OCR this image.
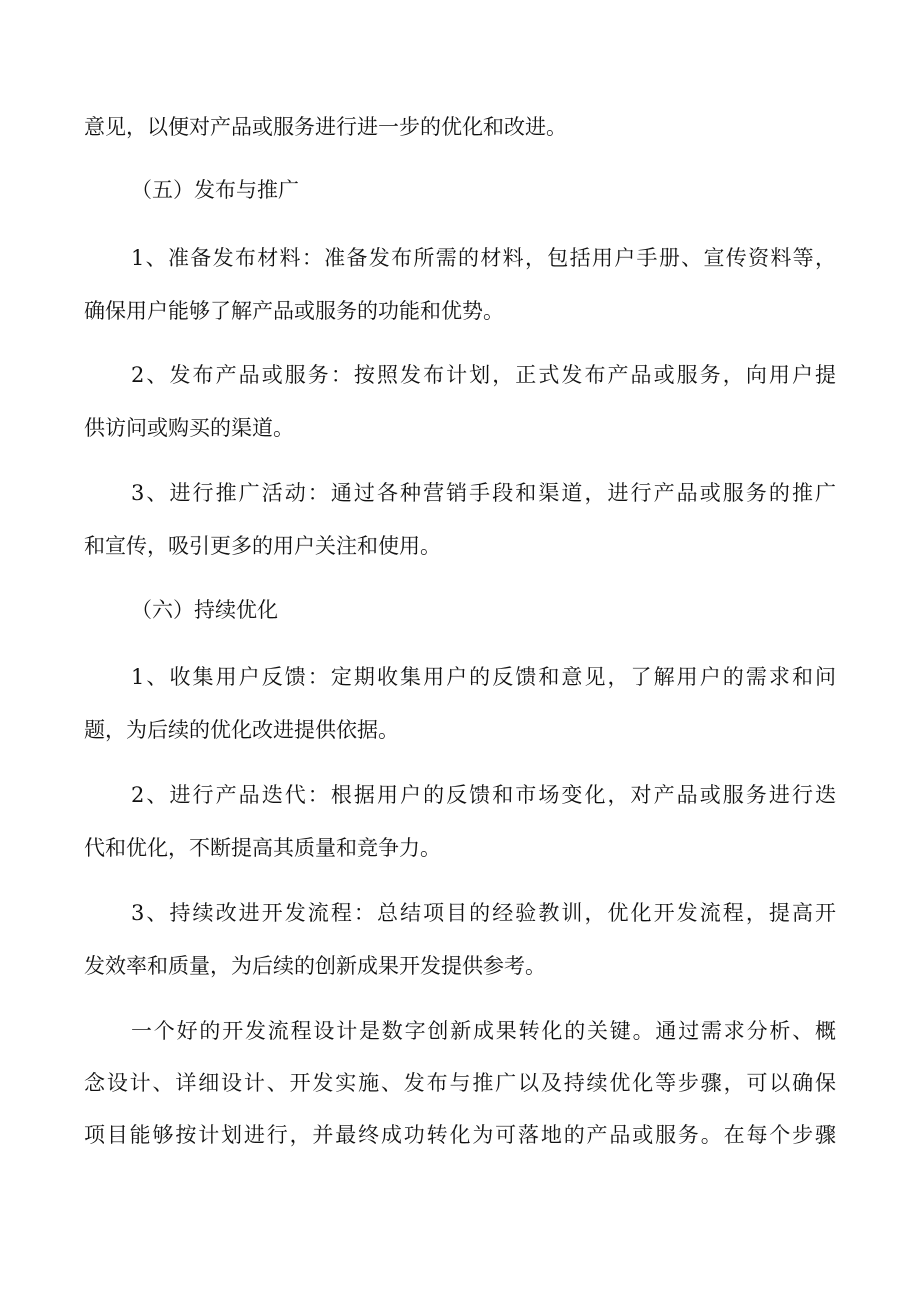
意见，以便对产品或服务进行进一步的优化和改进。
（五）发布与推广
1、准备发布材料：准备发布所需的材料，包括用户手册、宣传资料等，
确保用户能够了解产品或服务的功能和优势。
2、发布产品或服务：按照发布计划，正式发布产品或服务，向用户提
供访问或购买的渠道。
3、进行推广活动：通过各种营销手段和渠道，进行产品或服务的推广
和宣传，吸引更多的用户关注和使用。
（六）持续优化
1、收集用户反馈：定期收集用户的反馈和意见，了解用户的需求和问
题，为后续的优化改进提供依据。
2、进行产品迭代：根据用户的反馈和市场变化，对产品或服务进行迭
代和优化，不断提高其质量和竞争力。
3、持续改进开发流程：总结项目的经验教训，优化开发流程，提高开
发效率和质量，为后续的创新成果开发提供参考。
一个好的开发流程设计是数字创新成果转化的关键。通过需求分析、概
念设计、详细设计、开发实施、发布与推广以及持续优化等步骤，可以确保
项目能够按计划进行，并最终成功转化为可落地的产品或服务。在每个步骤
